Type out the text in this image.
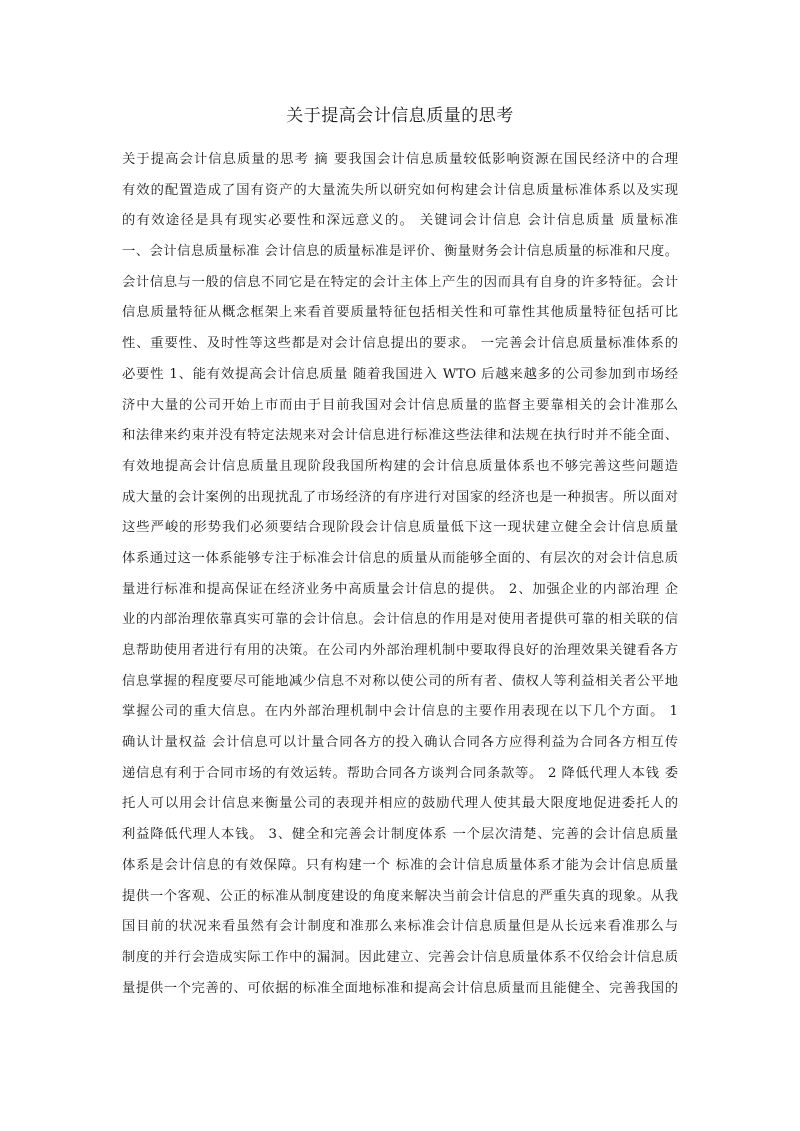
关于提高会计信息质量的思考
关于提高会计信息质量的思考 摘 要我国会计信息质量较低影响资源在国民经济中的合理
有效的配置造成了国有资产的大量流失所以研究如何构建会计信息质量标准体系以及实现
的有效途径是具有现实必要性和深远意义的。 关键词会计信息 会计信息质量 质量标准
一、会计信息质量标准 会计信息的质量标准是评价、衡量财务会计信息质量的标准和尺度。
会计信息与一般的信息不同它是在特定的会计主体上产生的因而具有自身的许多特征。会计
信息质量特征从概念框架上来看首要质量特征包括相关性和可靠性其他质量特征包括可比
性、重要性、及时性等这些都是对会计信息提出的要求。 一完善会计信息质量标准体系的
必要性 1、能有效提高会计信息质量 随着我国进入 WTO 后越来越多的公司参加到市场经
济中大量的公司开始上市而由于目前我国对会计信息质量的监督主要靠相关的会计准那么
和法律来约束并没有特定法规来对会计信息进行标准这些法律和法规在执行时并不能全面、
有效地提高会计信息质量且现阶段我国所构建的会计信息质量体系也不够完善这些问题造
成大量的会计案例的出现扰乱了市场经济的有序进行对国家的经济也是一种损害。所以面对
这些严峻的形势我们必须要结合现阶段会计信息质量低下这一现状建立健全会计信息质量
体系通过这一体系能够专注于标准会计信息的质量从而能够全面的、有层次的对会计信息质
量进行标准和提高保证在经济业务中高质量会计信息的提供。 2、加强企业的内部治理 企
业的内部治理依靠真实可靠的会计信息。会计信息的作用是对使用者提供可靠的相关联的信
息帮助使用者进行有用的决策。在公司内外部治理机制中要取得良好的治理效果关键看各方
信息掌握的程度要尽可能地减少信息不对称以使公司的所有者、债权人等利益相关者公平地
掌握公司的重大信息。在内外部治理机制中会计信息的主要作用表现在以下几个方面。 1
确认计量权益 会计信息可以计量合同各方的投入确认合同各方应得利益为合同各方相互传
递信息有利于合同市场的有效运转。帮助合同各方谈判合同条款等。 2 降低代理人本钱 委
托人可以用会计信息来衡量公司的表现并相应的鼓励代理人使其最大限度地促进委托人的
利益降低代理人本钱。 3、健全和完善会计制度体系 一个层次清楚、完善的会计信息质量
体系是会计信息的有效保障。只有构建一个 标准的会计信息质量体系才能为会计信息质量
提供一个客观、公正的标准从制度建设的角度来解决当前会计信息的严重失真的现象。从我
国目前的状况来看虽然有会计制度和准那么来标准会计信息质量但是从长远来看准那么与
制度的并行会造成实际工作中的漏洞。因此建立、完善会计信息质量体系不仅给会计信息质
量提供一个完善的、可依据的标准全面地标准和提高会计信息质量而且能健全、完善我国的
